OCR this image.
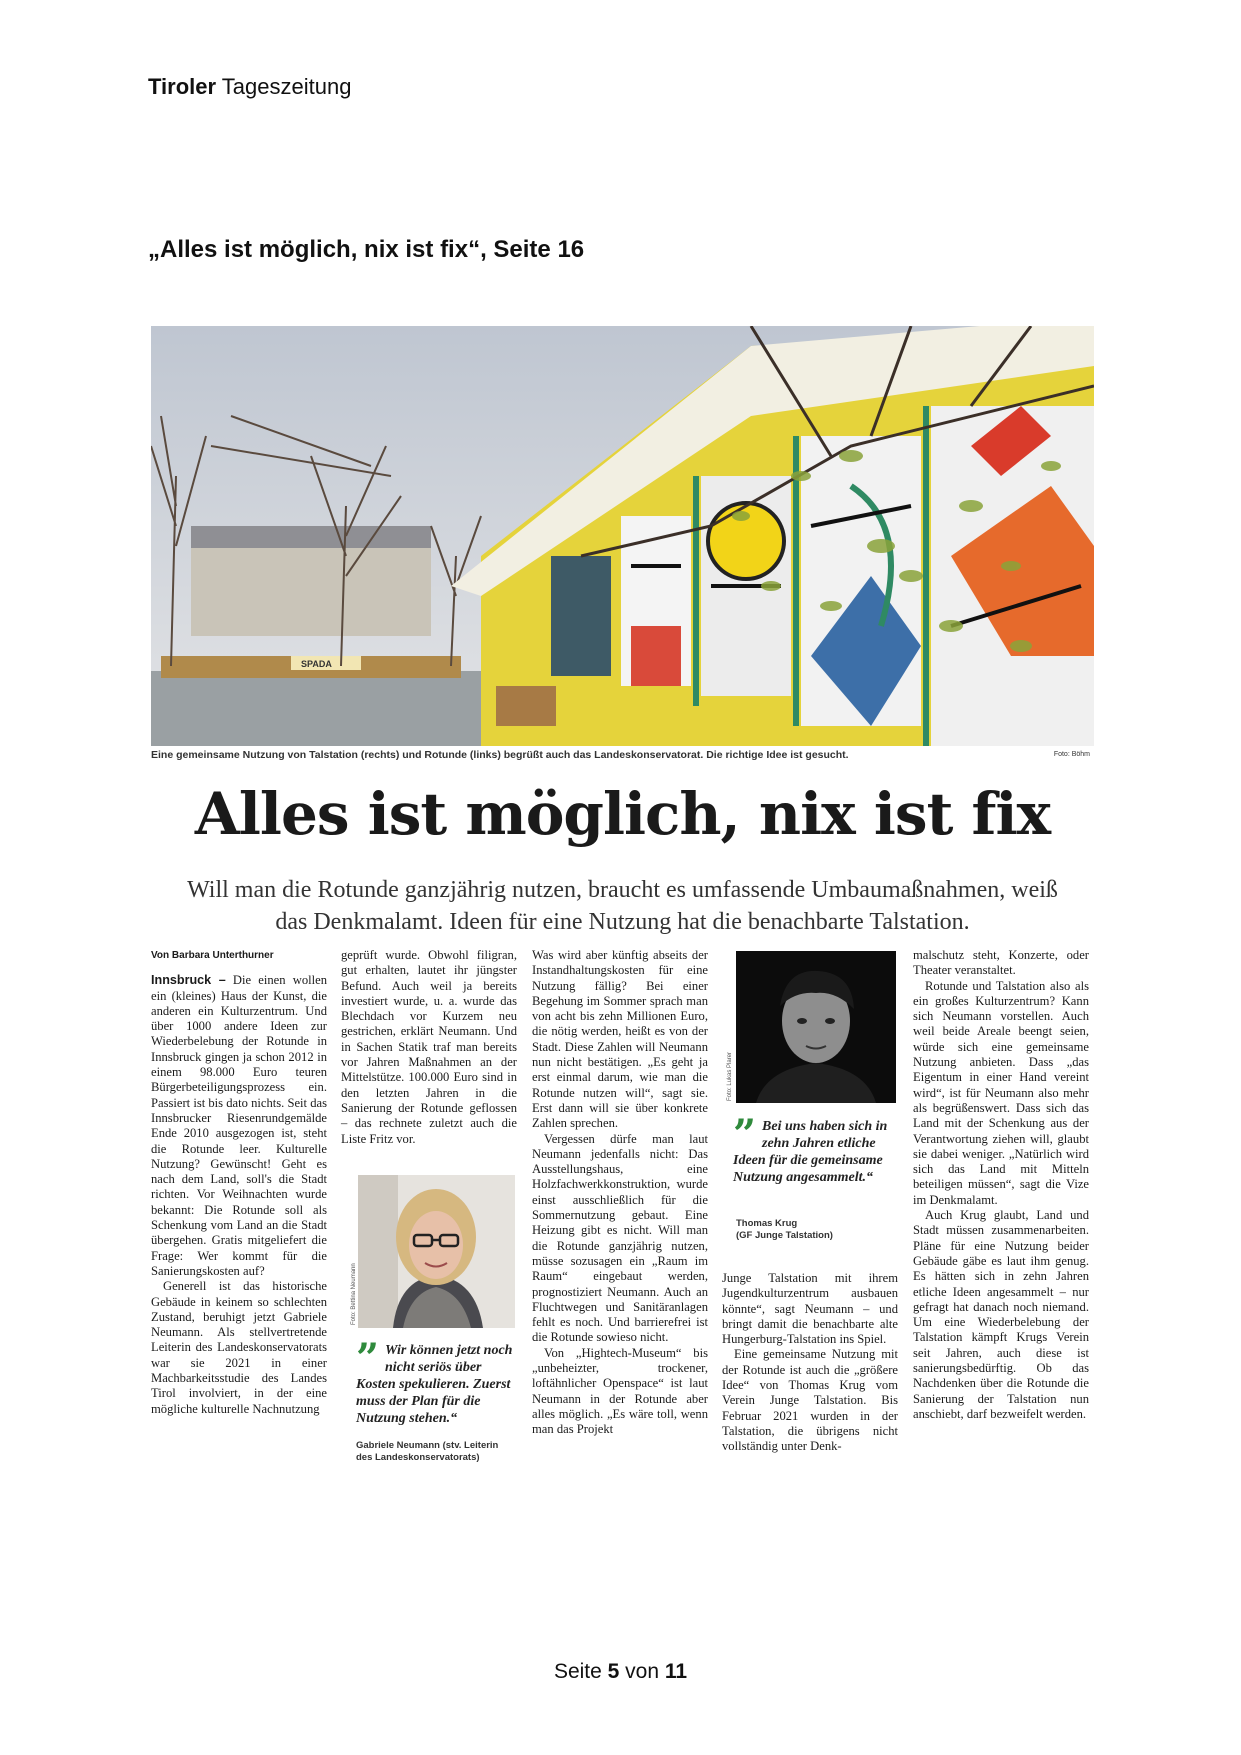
Tiroler Tageszeitung
„Alles ist möglich, nix ist fix“, Seite 16
SPADA
Eine gemeinsame Nutzung von Talstation (rechts) und Rotunde (links) begrüßt auch das Landeskonservatorat. Die richtige Idee ist gesucht.	Foto: Böhm
Alles ist möglich, nix ist fix
Will man die Rotunde ganzjährig nutzen, braucht es umfassende Umbaumaßnahmen, weiß das Denkmalamt. Ideen für eine Nutzung hat die benachbarte Talstation.

Von Barbara Unterthurner

Innsbruck – Die einen wollen ein (kleines) Haus der Kunst, die anderen ein Kulturzentrum. Und über 1000 andere Ideen zur Wiederbelebung der Rotunde in Innsbruck gingen ja schon 2012 in einem 98.000 Euro teuren Bürgerbeteiligungsprozess ein. Passiert ist bis dato nichts. Seit das Innsbrucker Riesenrundgemälde Ende 2010 ausgezogen ist, steht die Rotunde leer. Kulturelle Nutzung? Gewünscht! Geht es nach dem Land, soll's die Stadt richten. Vor Weihnachten wurde bekannt: Die Rotunde soll als Schenkung vom Land an die Stadt übergehen. Gratis mitgeliefert die Frage: Wer kommt für die Sanierungskosten auf?

Generell ist das historische Gebäude in keinem so schlechten Zustand, beruhigt jetzt Gabriele Neumann. Als stellvertretende Leiterin des Landeskonservatorats war sie 2021 in einer Machbarkeitsstudie des Landes Tirol involviert, in der eine mögliche kulturelle Nachnutzung

geprüft wurde. Obwohl filigran, gut erhalten, lautet ihr jüngster Befund. Auch weil ja bereits investiert wurde, u. a. wurde das Blechdach vor Kurzem neu gestrichen, erklärt Neumann. Und in Sachen Statik traf man bereits vor Jahren Maßnahmen an der Mittelstütze. 100.000 Euro sind in den letzten Jahren in die Sanierung der Rotunde geflossen – das rechnete zuletzt auch die Liste Fritz vor.

Foto: Bettina Neumann
” Wir können jetzt noch nicht seriös über Kosten spekulieren. Zuerst muss der Plan für die Nutzung stehen.“
Gabriele Neumann (stv. Leiterin des Landeskonservatorats)

Was wird aber künftig abseits der Instandhaltungskosten für eine Nutzung fällig? Bei einer Begehung im Sommer sprach man von acht bis zehn Millionen Euro, die nötig werden, heißt es von der Stadt. Diese Zahlen will Neumann nun nicht bestätigen. „Es geht ja erst einmal darum, wie man die Rotunde nutzen will“, sagt sie. Erst dann will sie über konkrete Zahlen sprechen.

Vergessen dürfe man laut Neumann jedenfalls nicht: Das Ausstellungshaus, eine Holzfachwerkkonstruktion, wurde einst ausschließlich für die Sommernutzung gebaut. Eine Heizung gibt es nicht. Will man die Rotunde ganzjährig nutzen, müsse sozusagen ein „Raum im Raum“ eingebaut werden, prognostiziert Neumann. Auch an Fluchtwegen und Sanitäranlagen fehlt es noch. Und barrierefrei ist die Rotunde sowieso nicht.

Von „Hightech-Museum“ bis „unbeheizter, trockener, loftähnlicher Openspace“ ist laut Neumann in der Rotunde aber alles möglich. „Es wäre toll, wenn man das Projekt

Foto: Lukas Plarer
” Bei uns haben sich in zehn Jahren etliche Ideen für die gemeinsame Nutzung angesammelt.“
Thomas Krug
(GF Junge Talstation)

Junge Talstation mit ihrem Jugendkulturzentrum ausbauen könnte“, sagt Neumann – und bringt damit die benachbarte alte Hungerburg-Talstation ins Spiel.

Eine gemeinsame Nutzung mit der Rotunde ist auch die „größere Idee“ von Thomas Krug vom Verein Junge Talstation. Bis Februar 2021 wurden in der Talstation, die übrigens nicht vollständig unter Denk-

malschutz steht, Konzerte, oder Theater veranstaltet.

Rotunde und Talstation also als ein großes Kulturzentrum? Kann sich Neumann vorstellen. Auch weil beide Areale beengt seien, würde sich eine gemeinsame Nutzung anbieten. Dass „das Eigentum in einer Hand vereint wird“, ist für Neumann also mehr als begrüßenswert. Dass sich das Land mit der Schenkung aus der Verantwortung ziehen will, glaubt sie dabei weniger. „Natürlich wird sich das Land mit Mitteln beteiligen müssen“, sagt die Vize im Denkmalamt.

Auch Krug glaubt, Land und Stadt müssen zusammenarbeiten. Pläne für eine Nutzung beider Gebäude gäbe es laut ihm genug. Es hätten sich in zehn Jahren etliche Ideen angesammelt – nur gefragt hat danach noch niemand. Um eine Wiederbelebung der Talstation kämpft Krugs Verein seit Jahren, auch diese ist sanierungsbedürftig. Ob das Nachdenken über die Rotunde die Sanierung der Talstation nun anschiebt, darf bezweifelt werden.

Seite 5 von 11
